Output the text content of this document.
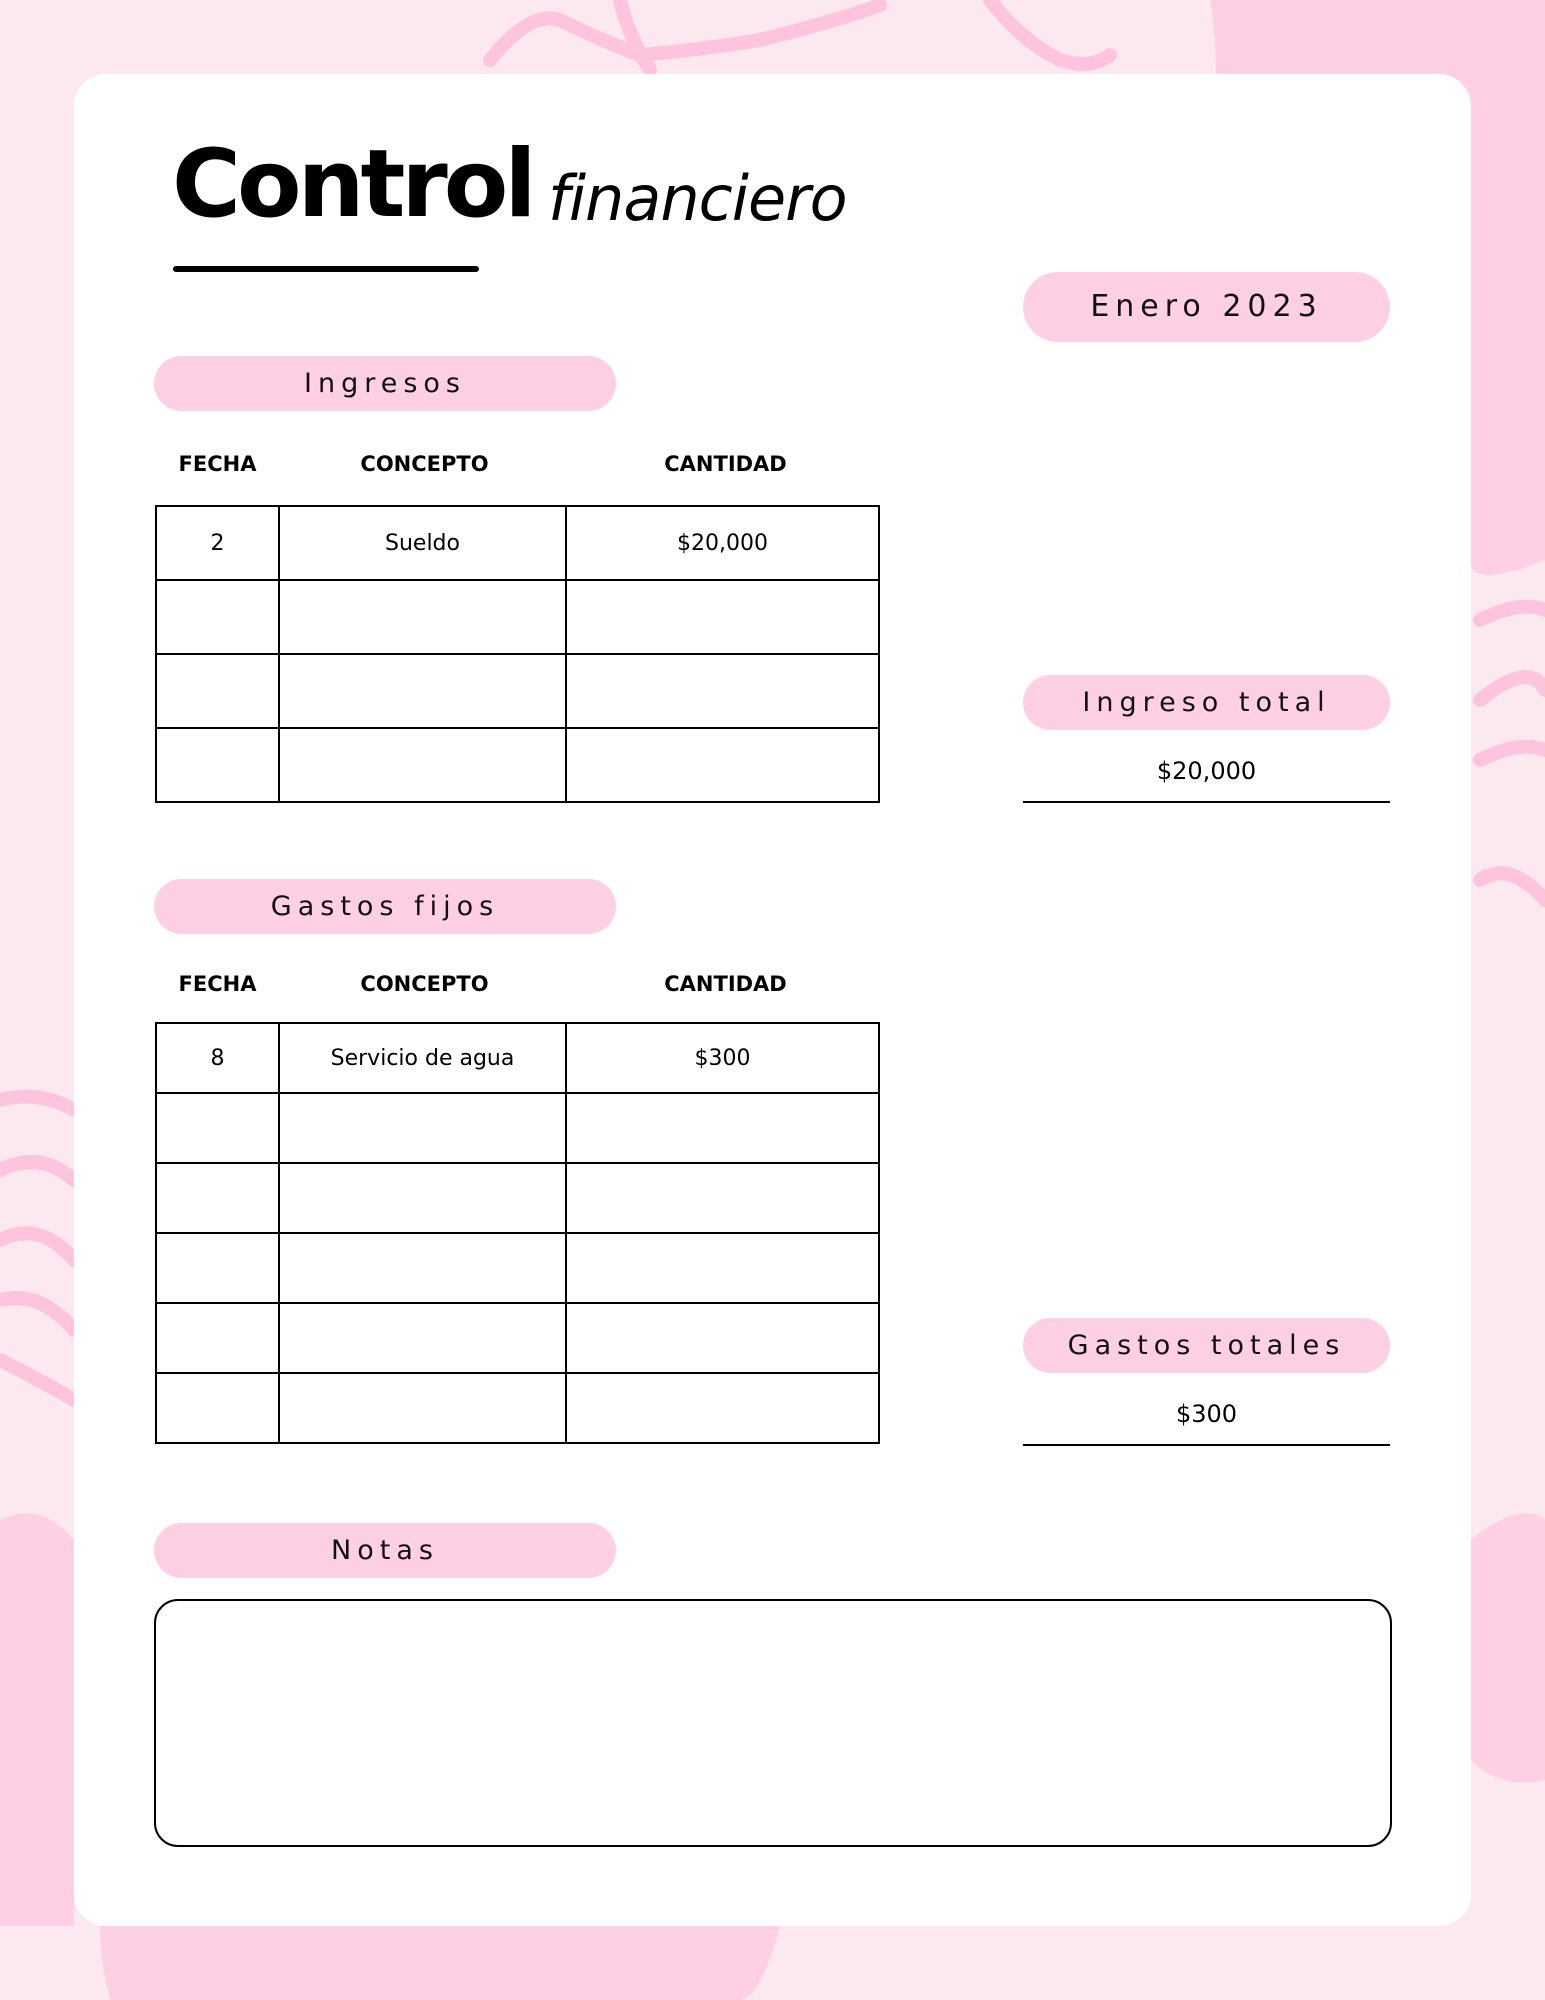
Control financiero
Enero 2023
Ingresos
FECHA	CONCEPTO	CANTIDAD
2	Sueldo	$20,000

Ingreso total
$20,000
Gastos fijos
FECHA	CONCEPTO	CANTIDAD
8	Servicio de agua	$300

Gastos totales
$300
Notas
